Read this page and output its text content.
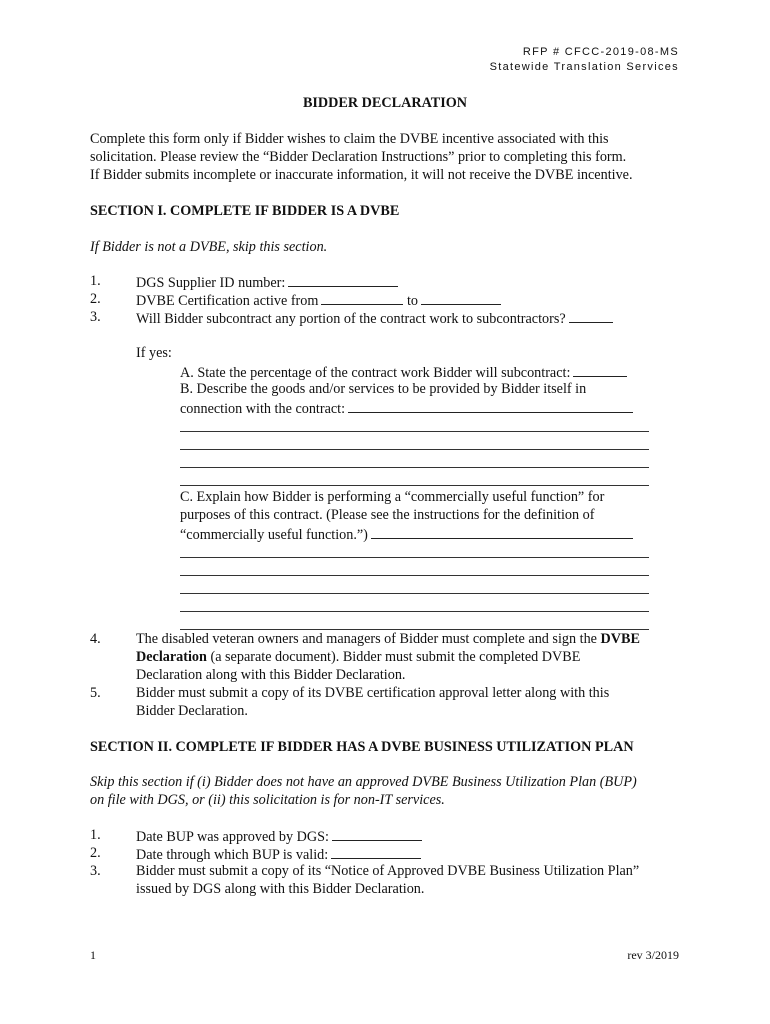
RFP # CFCC-2019-08-MS
Statewide Translation Services
BIDDER DECLARATION
Complete this form only if Bidder wishes to claim the DVBE incentive associated with this
solicitation. Please review the “Bidder Declaration Instructions” prior to completing this form.
If Bidder submits incomplete or inaccurate information, it will not receive the DVBE incentive.
SECTION I. COMPLETE IF BIDDER IS A DVBE
If Bidder is not a DVBE, skip this section.
1. DGS Supplier ID number:
2. DVBE Certification active from	to
3. Will Bidder subcontract any portion of the contract work to subcontractors?
If yes:
A. State the percentage of the contract work Bidder will subcontract:
B. Describe the goods and/or services to be provided by Bidder itself in
connection with the contract:
C. Explain how Bidder is performing a “commercially useful function” for
purposes of this contract. (Please see the instructions for the definition of
“commercially useful function.”)
4. The disabled veteran owners and managers of Bidder must complete and sign the DVBE
Declaration (a separate document). Bidder must submit the completed DVBE
Declaration along with this Bidder Declaration.
5. Bidder must submit a copy of its DVBE certification approval letter along with this
Bidder Declaration.
SECTION II. COMPLETE IF BIDDER HAS A DVBE BUSINESS UTILIZATION PLAN
Skip this section if (i) Bidder does not have an approved DVBE Business Utilization Plan (BUP)
on file with DGS, or (ii) this solicitation is for non-IT services.
1. Date BUP was approved by DGS:
2. Date through which BUP is valid:
3. Bidder must submit a copy of its “Notice of Approved DVBE Business Utilization Plan”
issued by DGS along with this Bidder Declaration.
1	rev 3/2019
